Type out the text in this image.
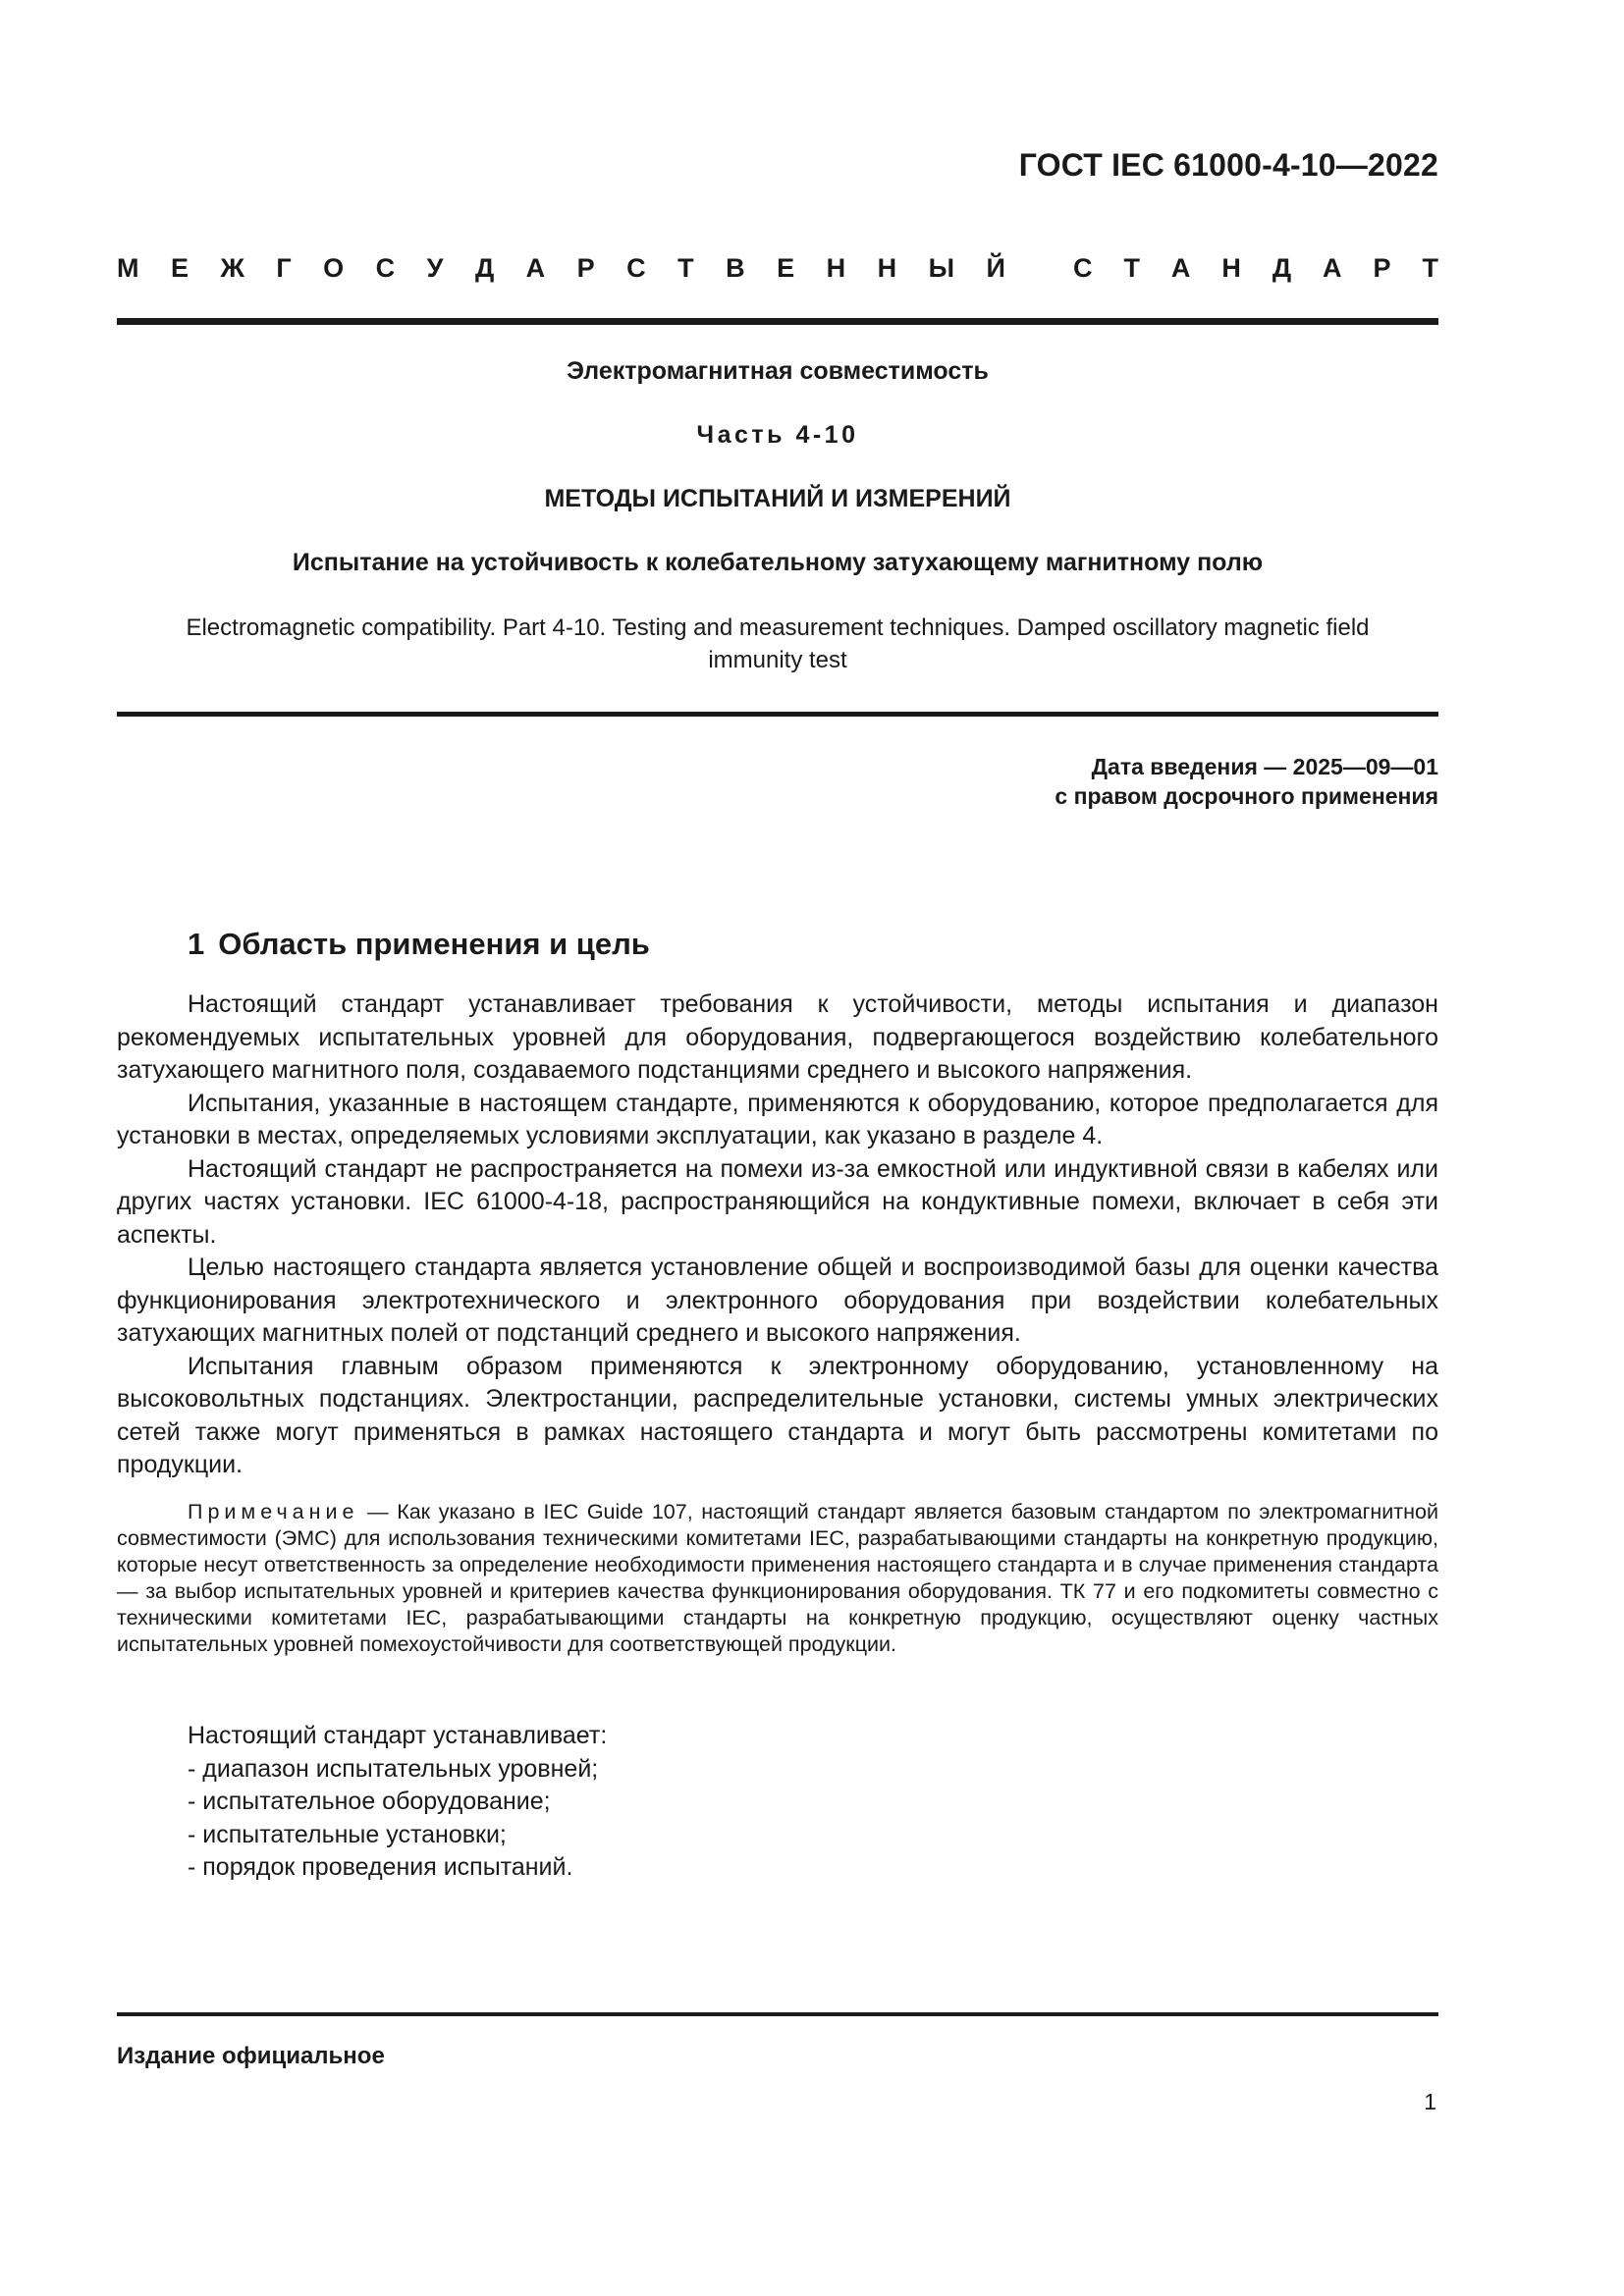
ГОСТ IEC 61000-4-10—2022
М Е Ж Г О С У Д А Р С Т В Е Н Н Ы Й	С Т А Н Д А Р Т
Электромагнитная совместимость
Часть 4-10
МЕТОДЫ ИСПЫТАНИЙ И ИЗМЕРЕНИЙ
Испытание на устойчивость к колебательному затухающему магнитному полю
Electromagnetic compatibility. Part 4-10. Testing and measurement techniques. Damped oscillatory magnetic field immunity test
Дата введения — 2025—09—01
с правом досрочного применения
1 Область применения и цель

Настоящий стандарт устанавливает требования к устойчивости, методы испытания и диапазон рекомендуемых испытательных уровней для оборудования, подвергающегося воздействию колебательного затухающего магнитного поля, создаваемого подстанциями среднего и высокого напряжения.

Испытания, указанные в настоящем стандарте, применяются к оборудованию, которое предполагается для установки в местах, определяемых условиями эксплуатации, как указано в разделе 4.

Настоящий стандарт не распространяется на помехи из-за емкостной или индуктивной связи в кабелях или других частях установки. IEC 61000-4-18, распространяющийся на кондуктивные помехи, включает в себя эти аспекты.

Целью настоящего стандарта является установление общей и воспроизводимой базы для оценки качества функционирования электротехнического и электронного оборудования при воздействии колебательных затухающих магнитных полей от подстанций среднего и высокого напряжения.

Испытания главным образом применяются к электронному оборудованию, установленному на высоковольтных подстанциях. Электростанции, распределительные установки, системы умных электрических сетей также могут применяться в рамках настоящего стандарта и могут быть рассмотрены комитетами по продукции.

Примечание — Как указано в IEC Guide 107, настоящий стандарт является базовым стандартом по электромагнитной совместимости (ЭМС) для использования техническими комитетами IEC, разрабатывающими стандарты на конкретную продукцию, которые несут ответственность за определение необходимости применения настоящего стандарта и в случае применения стандарта — за выбор испытательных уровней и критериев качества функционирования оборудования. ТК 77 и его подкомитеты совместно с техническими комитетами IEC, разрабатывающими стандарты на конкретную продукцию, осуществляют оценку частных испытательных уровней помехоустойчивости для соответствующей продукции.

Настоящий стандарт устанавливает:
- диапазон испытательных уровней;
- испытательное оборудование;
- испытательные установки;
- порядок проведения испытаний.
Издание официальное
1
